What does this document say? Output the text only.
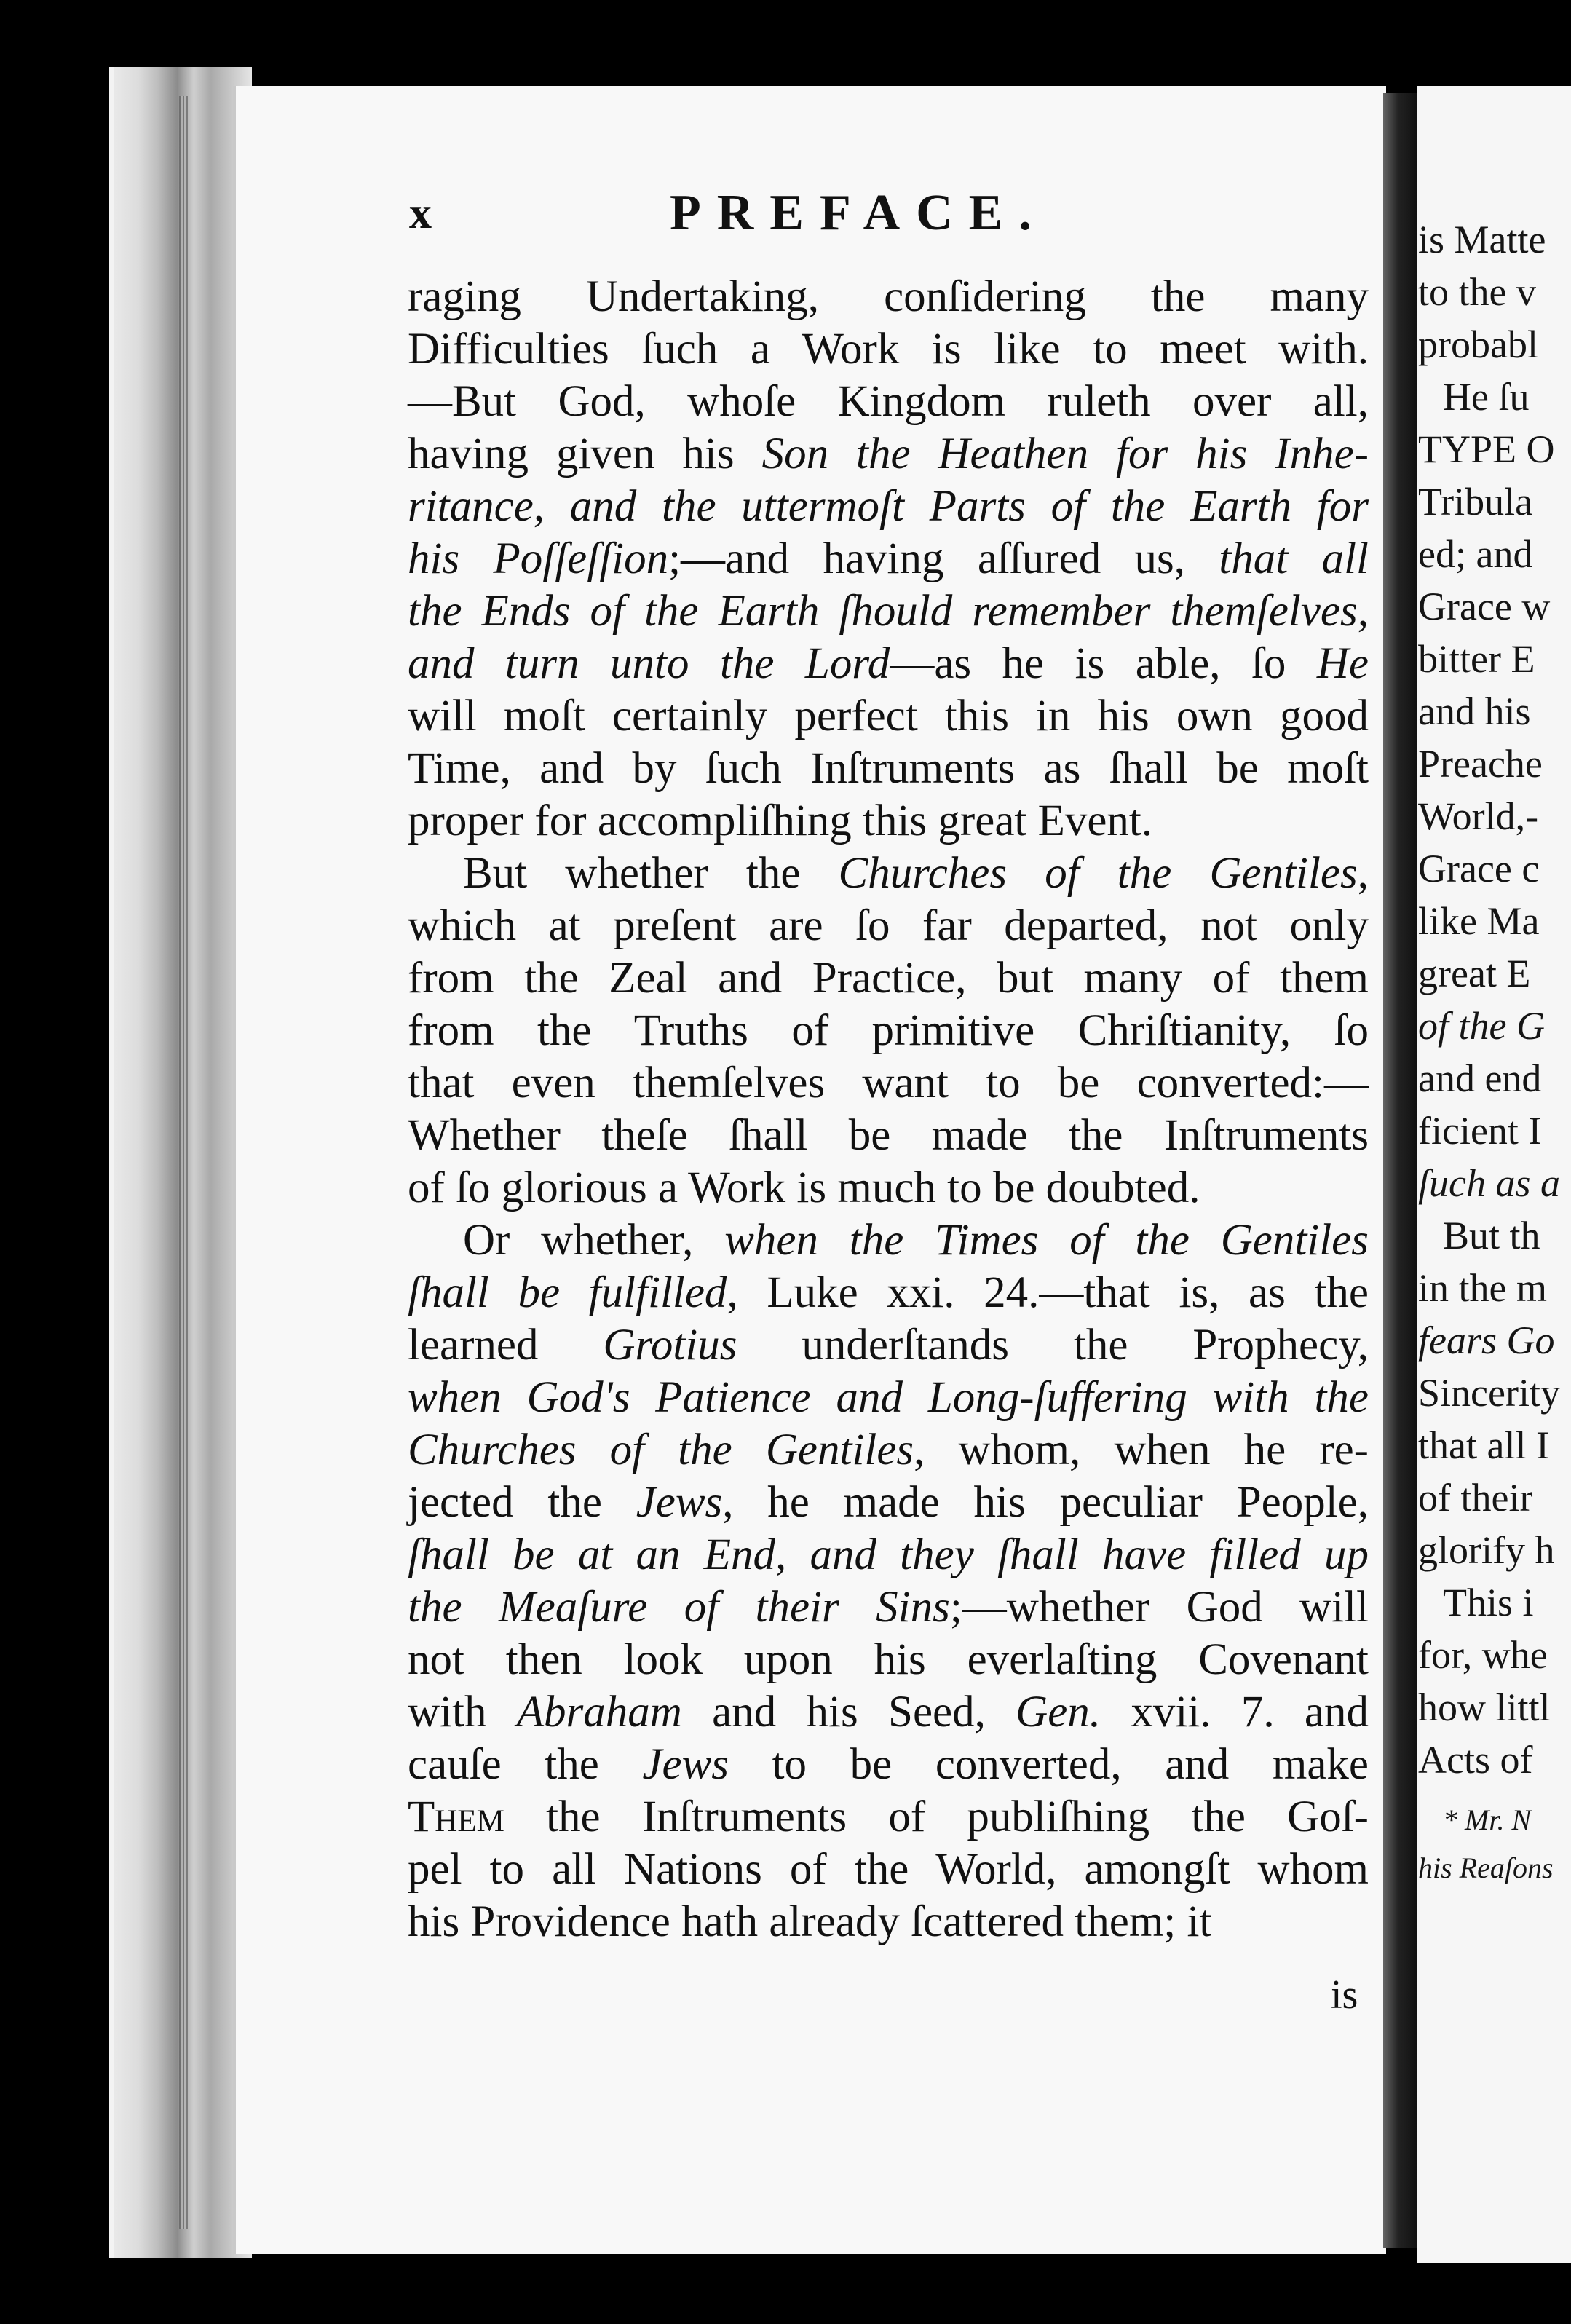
x	PREFACE.
raging Undertaking, conſidering the many
Difficulties ſuch a Work is like to meet with.
—But God, whoſe Kingdom ruleth over all,
having given his Son the Heathen for his Inhe-
ritance, and the uttermoſt Parts of the Earth for
his Poſſeſſion;—and having aſſured us, that all
the Ends of the Earth ſhould remember themſelves,
and turn unto the Lord—as he is able, ſo He
will moſt certainly perfect this in his own good
Time, and by ſuch Inſtruments as ſhall be moſt
proper for accompliſhing this great Event.
But whether the Churches of the Gentiles,
which at preſent are ſo far departed, not only
from the Zeal and Practice, but many of them
from the Truths of primitive Chriſtianity, ſo
that even themſelves want to be converted:—
Whether theſe ſhall be made the Inſtruments
of ſo glorious a Work is much to be doubted.
Or whether, when the Times of the Gentiles
ſhall be fulfilled, Luke xxi. 24.—that is, as the
learned Grotius underſtands the Prophecy,
when God's Patience and Long-ſuffering with the
Churches of the Gentiles, whom, when he re-
jected the Jews, he made his peculiar People,
ſhall be at an End, and they ſhall have filled up
the Meaſure of their Sins;—whether God will
not then look upon his everlaſting Covenant
with Abraham and his Seed, Gen. xvii. 7. and
cauſe the Jews to be converted, and make
Them the Inſtruments of publiſhing the Goſ-
pel to all Nations of the World, amongſt whom
his Providence hath already ſcattered them; it
is
is Matte
to the v
probabl
He ſu
TYPE O
Tribula
ed; and
Grace w
bitter E
and his
Preache
World,-
Grace c
like Ma
great E
of the G
and end
ficient I
ſuch as a
But th
in the m
fears Go
Sincerity
that all I
of their
glorify h
This i
for, whe
how littl
Acts of
* Mr. N
his Reaſons
